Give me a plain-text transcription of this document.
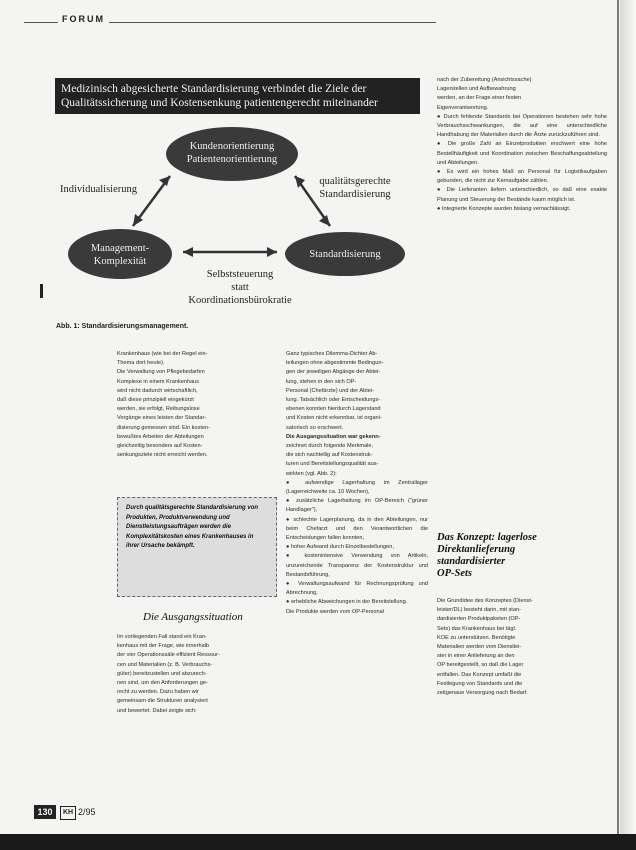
FORUM
Medizinisch abgesicherte Standardisierung verbindet die Ziele der Qualitätssicherung und Kostensenkung patientengerecht miteinander
Kundenorientierung
Patientenorientierung
Management-
Komplexität
Standardisierung
Individualisierung
qualitätsgerechte
Standardisierung
Selbststeuerung
statt
Koordinationsbürokratie
Abb. 1: Standardisierungsmanagement.

Krankenhaus (wie bei der Regel ein-

Thema dort heute).

Die Verwaltung von Pflegebedarfen

Komplexe in einem Krankenhaus

wird nicht dadurch wirtschaftlich,

daß diese prinzipiell eingekürzt

werden, sie erfolgt, Reibungslose

Vorgänge eines leisten der Standar-

disierung gemessen sind. Ein kosten-

bewußtes Arbeiten der Abteilungen

gleichzeitig besonders auf Kosten-

senkungsziele nicht erreicht werden.

Durch qualitätsgerechte Standardisierung von Produkten, Produktverwendung und Dienstleistungsaufträgen werden die Komplexitätskosten eines Krankenhauses in ihrer Ursache bekämpft.
Die Ausgangssituation

Im vorliegenden Fall stand ein Kran-

kenhaus mit der Frage, wie innerhalb

der vier Operationssäle effizient Ressour-

cen und Materialien (z. B. Verbrauchs-

güter) bereitzustellen und abzurech-

nen sind, um den Anforderungen ge-

recht zu werden. Dazu haben wir

gemeinsam die Strukturen analysiert

und bewertet. Dabei zeigte sich:

Ganz typisches Dilemma-Dichter Ab-

teilungen ohne abgestimmte Bedingun-

gen der jeweiligen Abgänge der Abtei-

lung, stehen in den sich OP-

Personal (Chefärzte) und der Abtei-

lung. Tatsächlich oder Entscheidungs-

ebenen konnten hierdurch Lagerstand

und Kosten nicht erkennbar, ist organi-

satorisch so erschwert.

Die Ausgangssituation war gekenn-

zeichnet durch folgende Merkmale,

die sich nachteilig auf Kostenstruk-

turen und Bereitstellungsqualität aus-

wirkten (vgl. Abb. 2):

● aufwendige Lagerhaltung im Zentrallager (Lagerreichweite ca. 10 Wochen),

● zusätzliche Lagerhaltung im OP-Bereich ("grüner Handlager"),

● schlechte Lagerplanung, da in den Abteilungen, nur beim Chefarzt und den Verantwortlichen die Entscheidungen fallen konnten,

● hoher Aufwand durch Einzelbestellungen,

● kostenintensive Verwendung von Artikeln, unzureichende Transparenz der Kostenstruktur und Bestandsführung,

● Verwaltungsaufwand für Rechnungsprüfung und Abrechnung,

● erhebliche Abweichungen in der Bereitstellung.

Die Produkte werden vom OP-Personal

nach der Zubereitung (Ansichtssache)

Lagerstellen und Aufbewahrung

werden, an der Frage einer festen

Eigenverantwortung.

● Durch fehlende Standards bei Operationen bestehen sehr hohe Verbrauchsschwankungen, die auf eine unterschiedliche Handhabung der Materialien durch die Ärzte zurückzuführen sind.

● Die große Zahl an Einzelprodukten erschwert eine hohe Bestellhäufigkeit und Koordination zwischen Beschaffungsabteilung und Abteilungen.

● Es wird ein hohes Maß an Personal für Logistikaufgaben gebunden, die nicht zur Kernaufgabe zählen.

● Die Lieferanten liefern unterschiedlich, so daß eine exakte Planung und Steuerung der Bestände kaum möglich ist.

● Integrierte Konzepte wurden bislang vernachlässigt.

Das Konzept: lagerlose
Direktanlieferung
standardisierter
OP-Sets

Die Grundidee des Konzeptes (Dienst-

leister/DL) besteht darin, mit stan-

dardisierten Produktpaketen (OP-

Sets) das Krankenhaus bei tägl.

KOE zu unterstützen. Benötigte

Materialien werden vom Dienstlei-

ster in einer Anlieferung an den

OP bereitgestellt, so daß die Lager

entfallen. Das Konzept umfaßt die

Festlegung von Standards und die

zeitgenaue Versorgung nach Bedarf.

130	KH 2/95
